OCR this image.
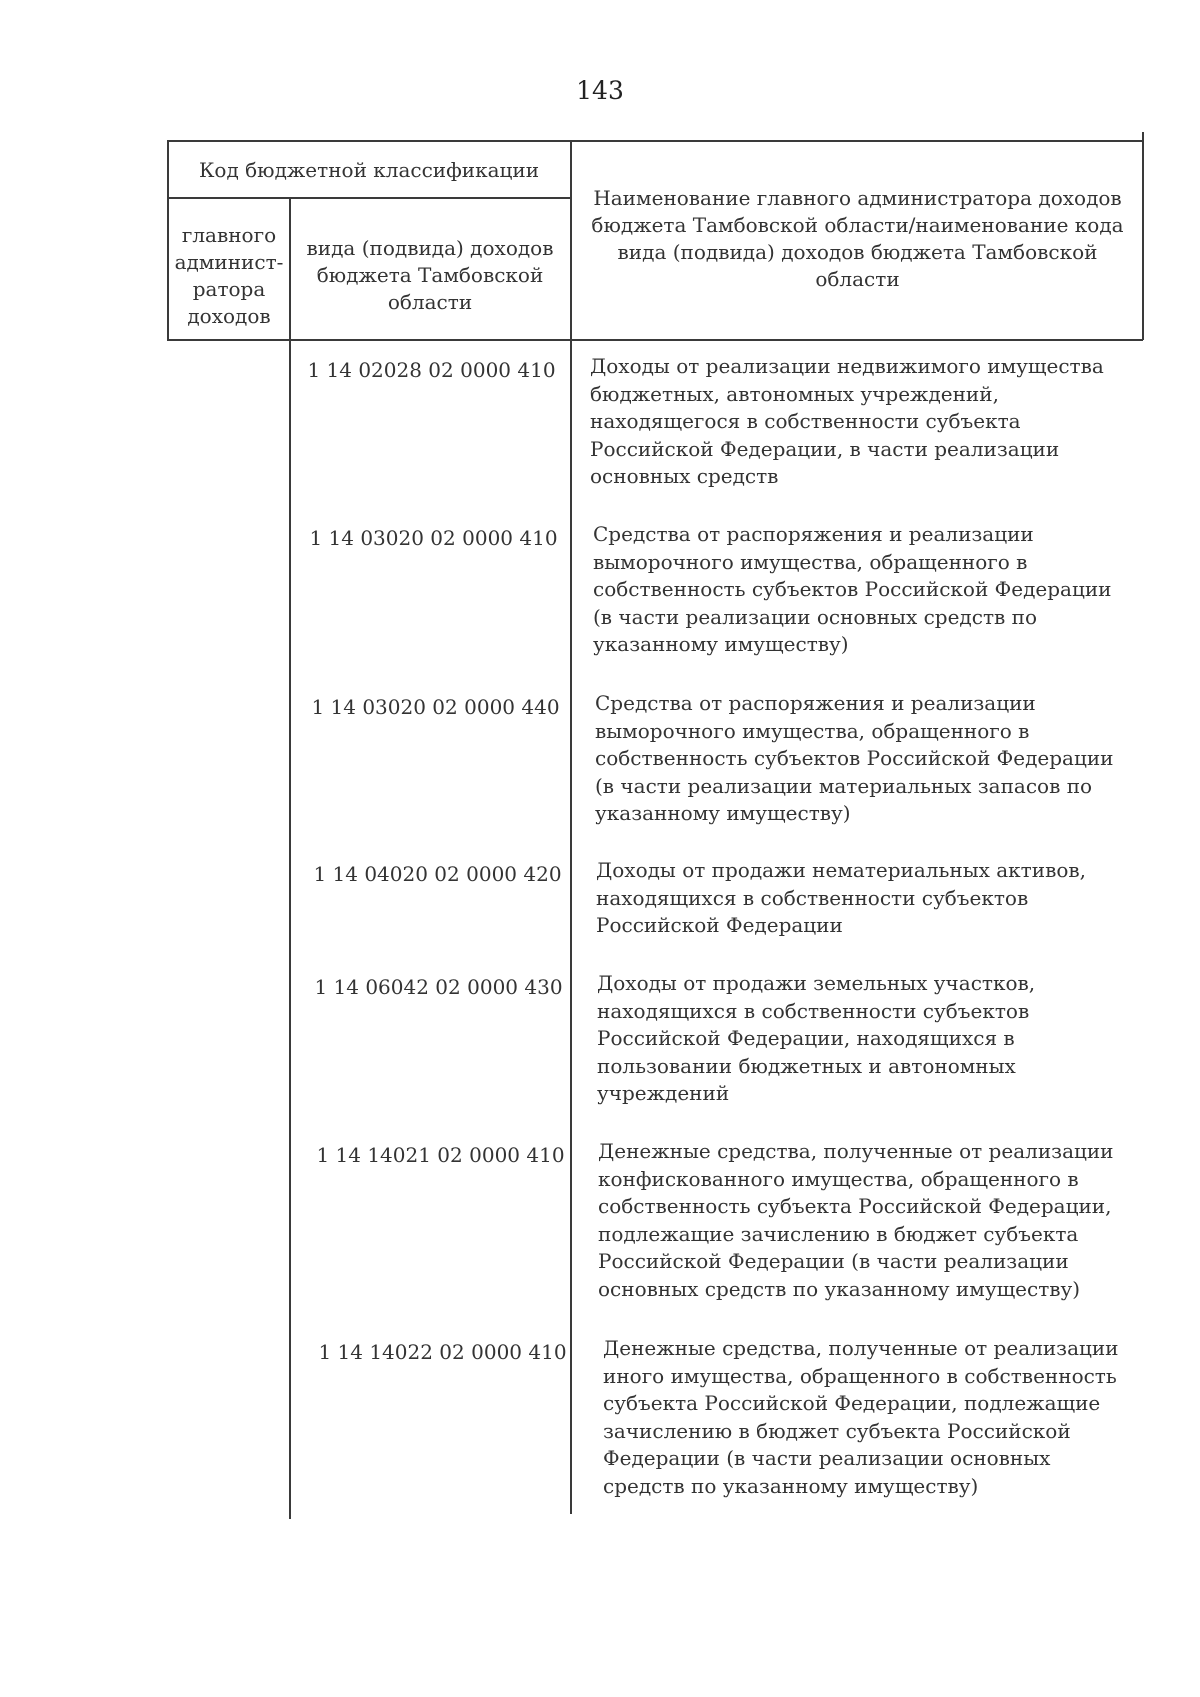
143
Код бюджетной классификации
главного админист-ратора доходов
вида (подвида) доходов бюджета Тамбовской области
Наименование главного администратора доходов бюджета Тамбовской области/наименование кода вида (подвида) доходов бюджета Тамбовской области
1 14 02028 02 0000 410 Доходы от реализации недвижимого имущества бюджетных, автономных учреждений, находящегося в собственности субъекта Российской Федерации, в части реализации основных средств
1 14 03020 02 0000 410 Средства от распоряжения и реализации выморочного имущества, обращенного в собственность субъектов Российской Федерации (в части реализации основных средств по указанному имуществу)
1 14 03020 02 0000 440 Средства от распоряжения и реализации выморочного имущества, обращенного в собственность субъектов Российской Федерации (в части реализации материальных запасов по указанному имуществу)
1 14 04020 02 0000 420 Доходы от продажи нематериальных активов, находящихся в собственности субъектов Российской Федерации
1 14 06042 02 0000 430 Доходы от продажи земельных участков, находящихся в собственности субъектов Российской Федерации, находящихся в пользовании бюджетных и автономных учреждений
1 14 14021 02 0000 410 Денежные средства, полученные от реализации конфискованного имущества, обращенного в собственность субъекта Российской Федерации, подлежащие зачислению в бюджет субъекта Российской Федерации (в части реализации основных средств по указанному имуществу)
1 14 14022 02 0000 410 Денежные средства, полученные от реализации иного имущества, обращенного в собственность субъекта Российской Федерации, подлежащие зачислению в бюджет субъекта Российской Федерации (в части реализации основных средств по указанному имуществу)
